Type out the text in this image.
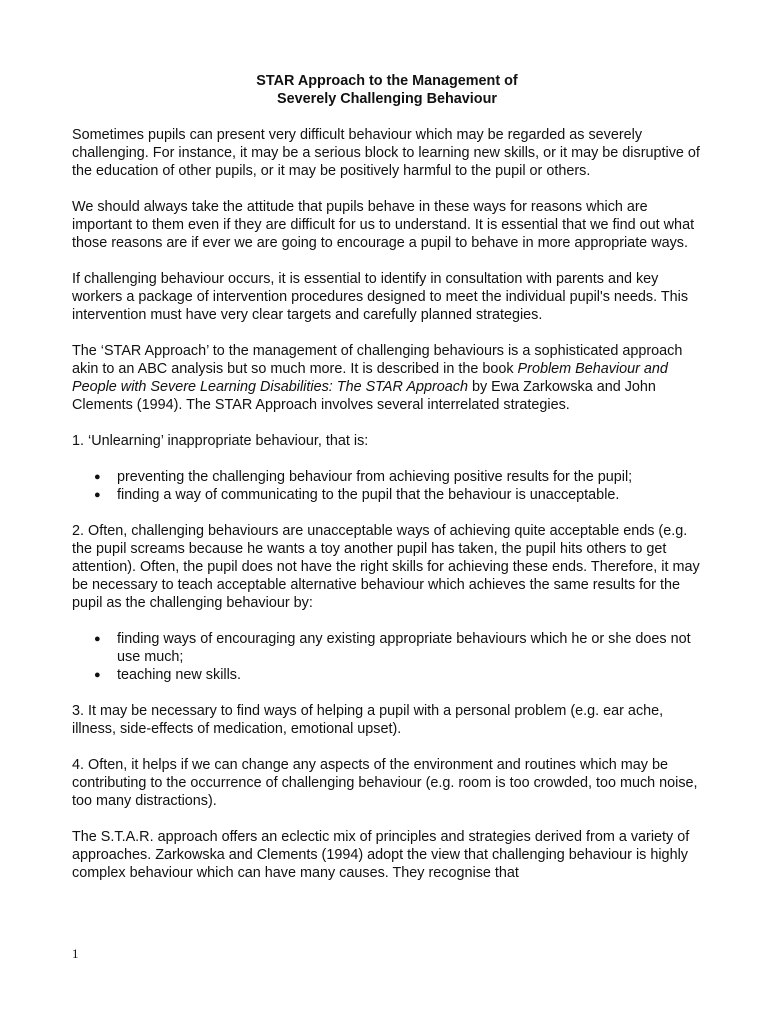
STAR Approach to the Management of
Severely Challenging Behaviour

Sometimes pupils can present very difficult behaviour which may be regarded as severely challenging. For instance, it may be a serious block to learning new skills, or it may be disruptive of the education of other pupils, or it may be positively harmful to the pupil or others.

We should always take the attitude that pupils behave in these ways for reasons which are important to them even if they are difficult for us to understand. It is essential that we find out what those reasons are if ever we are going to encourage a pupil to behave in more appropriate ways.

If challenging behaviour occurs, it is essential to identify in consultation with parents and key workers a package of intervention procedures designed to meet the individual pupil's needs. This intervention must have very clear targets and carefully planned strategies.

The ‘STAR Approach’ to the management of challenging behaviours is a sophisticated approach akin to an ABC analysis but so much more. It is described in the book Problem Behaviour and People with Severe Learning Disabilities: The STAR Approach by Ewa Zarkowska and John Clements (1994). The STAR Approach involves several interrelated strategies.

1. ‘Unlearning’ inappropriate behaviour, that is:

● preventing the challenging behaviour from achieving positive results for the pupil;
● finding a way of communicating to the pupil that the behaviour is unacceptable.

2. Often, challenging behaviours are unacceptable ways of achieving quite acceptable ends (e.g. the pupil screams because he wants a toy another pupil has taken, the pupil hits others to get attention). Often, the pupil does not have the right skills for achieving these ends. Therefore, it may be necessary to teach acceptable alternative behaviour which achieves the same results for the pupil as the challenging behaviour by:

● finding ways of encouraging any existing appropriate behaviours which he or she does not use much;
● teaching new skills.

3. It may be necessary to find ways of helping a pupil with a personal problem (e.g. ear ache, illness, side-effects of medication, emotional upset).

4. Often, it helps if we can change any aspects of the environment and routines which may be contributing to the occurrence of challenging behaviour (e.g. room is too crowded, too much noise, too many distractions).

The S.T.A.R. approach offers an eclectic mix of principles and strategies derived from a variety of approaches. Zarkowska and Clements (1994) adopt the view that challenging behaviour is highly complex behaviour which can have many causes. They recognise that

1
